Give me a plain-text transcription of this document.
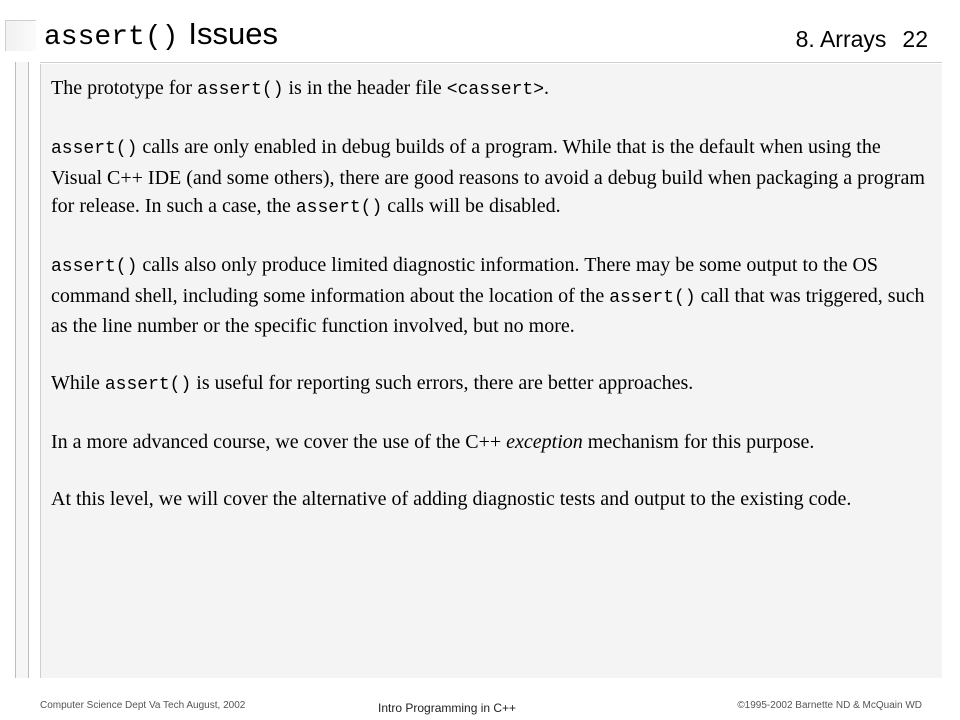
assert() Issues	8. Arrays 22

The prototype for assert() is in the header file <cassert>.

assert() calls are only enabled in debug builds of a program. While that is the default when using the Visual C++ IDE (and some others), there are good reasons to avoid a debug build when packaging a program for release. In such a case, the assert() calls will be disabled.

assert() calls also only produce limited diagnostic information. There may be some output to the OS command shell, including some information about the location of the assert() call that was triggered, such as the line number or the specific function involved, but no more.

While assert() is useful for reporting such errors, there are better approaches.

In a more advanced course, we cover the use of the C++ exception mechanism for this purpose.

At this level, we will cover the alternative of adding diagnostic tests and output to the existing code.

Computer Science Dept Va Tech August, 2002	Intro Programming in C++	©1995-2002 Barnette ND & McQuain WD
